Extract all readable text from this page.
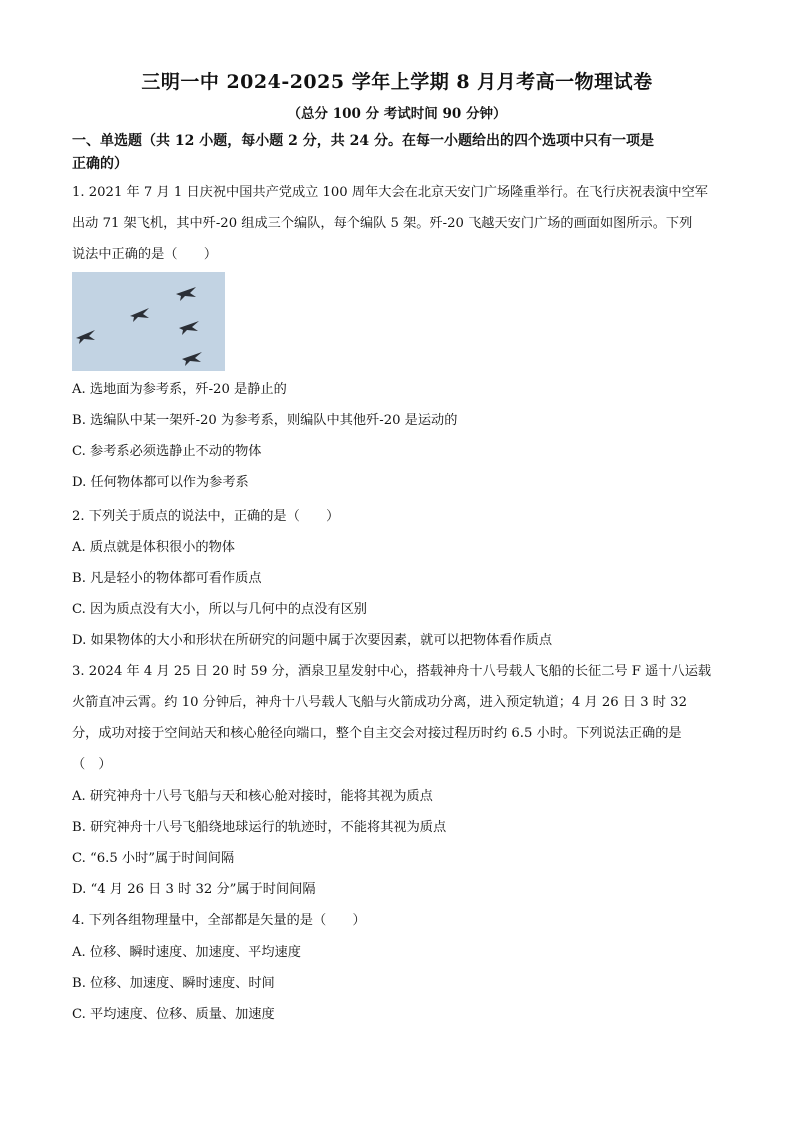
三明一中 2024-2025 学年上学期 8 月月考高一物理试卷
（总分 100 分 考试时间 90 分钟）
一、单选题（共 12 小题，每小题 2 分，共 24 分。在每一小题给出的四个选项中只有一项是
正确的）
1. 2021 年 7 月 1 日庆祝中国共产党成立 100 周年大会在北京天安门广场隆重举行。在飞行庆祝表演中空军
出动 71 架飞机，其中歼-20 组成三个编队，每个编队 5 架。歼-20 飞越天安门广场的画面如图所示。下列
说法中正确的是（　　）
A. 选地面为参考系，歼-20 是静止的
B. 选编队中某一架歼-20 为参考系，则编队中其他歼-20 是运动的
C. 参考系必须选静止不动的物体
D. 任何物体都可以作为参考系
2. 下列关于质点的说法中，正确的是（　　）
A. 质点就是体积很小的物体
B. 凡是轻小的物体都可看作质点
C. 因为质点没有大小，所以与几何中的点没有区别
D. 如果物体的大小和形状在所研究的问题中属于次要因素，就可以把物体看作质点
3. 2024 年 4 月 25 日 20 时 59 分，酒泉卫星发射中心，搭载神舟十八号载人飞船的长征二号 F 遥十八运载
火箭直冲云霄。约 10 分钟后，神舟十八号载人飞船与火箭成功分离，进入预定轨道；4 月 26 日 3 时 32
分，成功对接于空间站天和核心舱径向端口，整个自主交会对接过程历时约 6.5 小时。下列说法正确的是
（　）
A. 研究神舟十八号飞船与天和核心舱对接时，能将其视为质点
B. 研究神舟十八号飞船绕地球运行的轨迹时，不能将其视为质点
C. “6.5 小时”属于时间间隔
D. “4 月 26 日 3 时 32 分”属于时间间隔
4. 下列各组物理量中，全部都是矢量的是（　　）
A. 位移、瞬时速度、加速度、平均速度
B. 位移、加速度、瞬时速度、时间
C. 平均速度、位移、质量、加速度
